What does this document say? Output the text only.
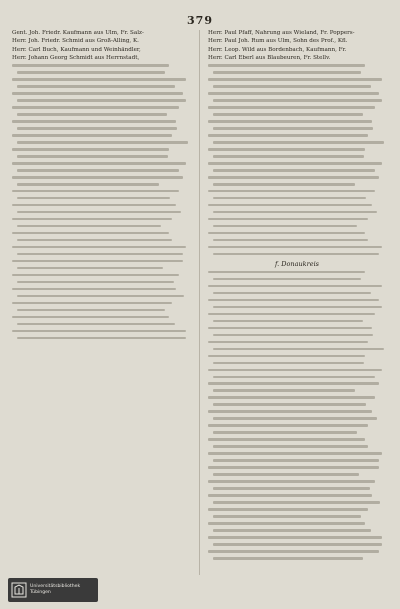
379
Gent. Joh. Friedr. Kaufmann aus Ulm, Fr. Salz-
Herr. Joh. Friedr. Schmid aus Groß-Alling, K.
Herr. Carl Buch, Kaufmann und Weinhändler,
Herr. Johann Georg Schmidt aus Herrnstadt,
Herr. Paul Pfaff, Nahrung aus Wieland, Fr. Poppers-
Herr. Paul Joh. Rum aus Ulm, Sohn des Prof., Kfl.
Herr. Leop. Wild aus Bordenbach, Kaufmann, Fr.
Herr. Carl Eberl aus Blaubeuren, Fr. Stellv.
f. Donaukreis
Universitätsbibliothek
Tübingen
